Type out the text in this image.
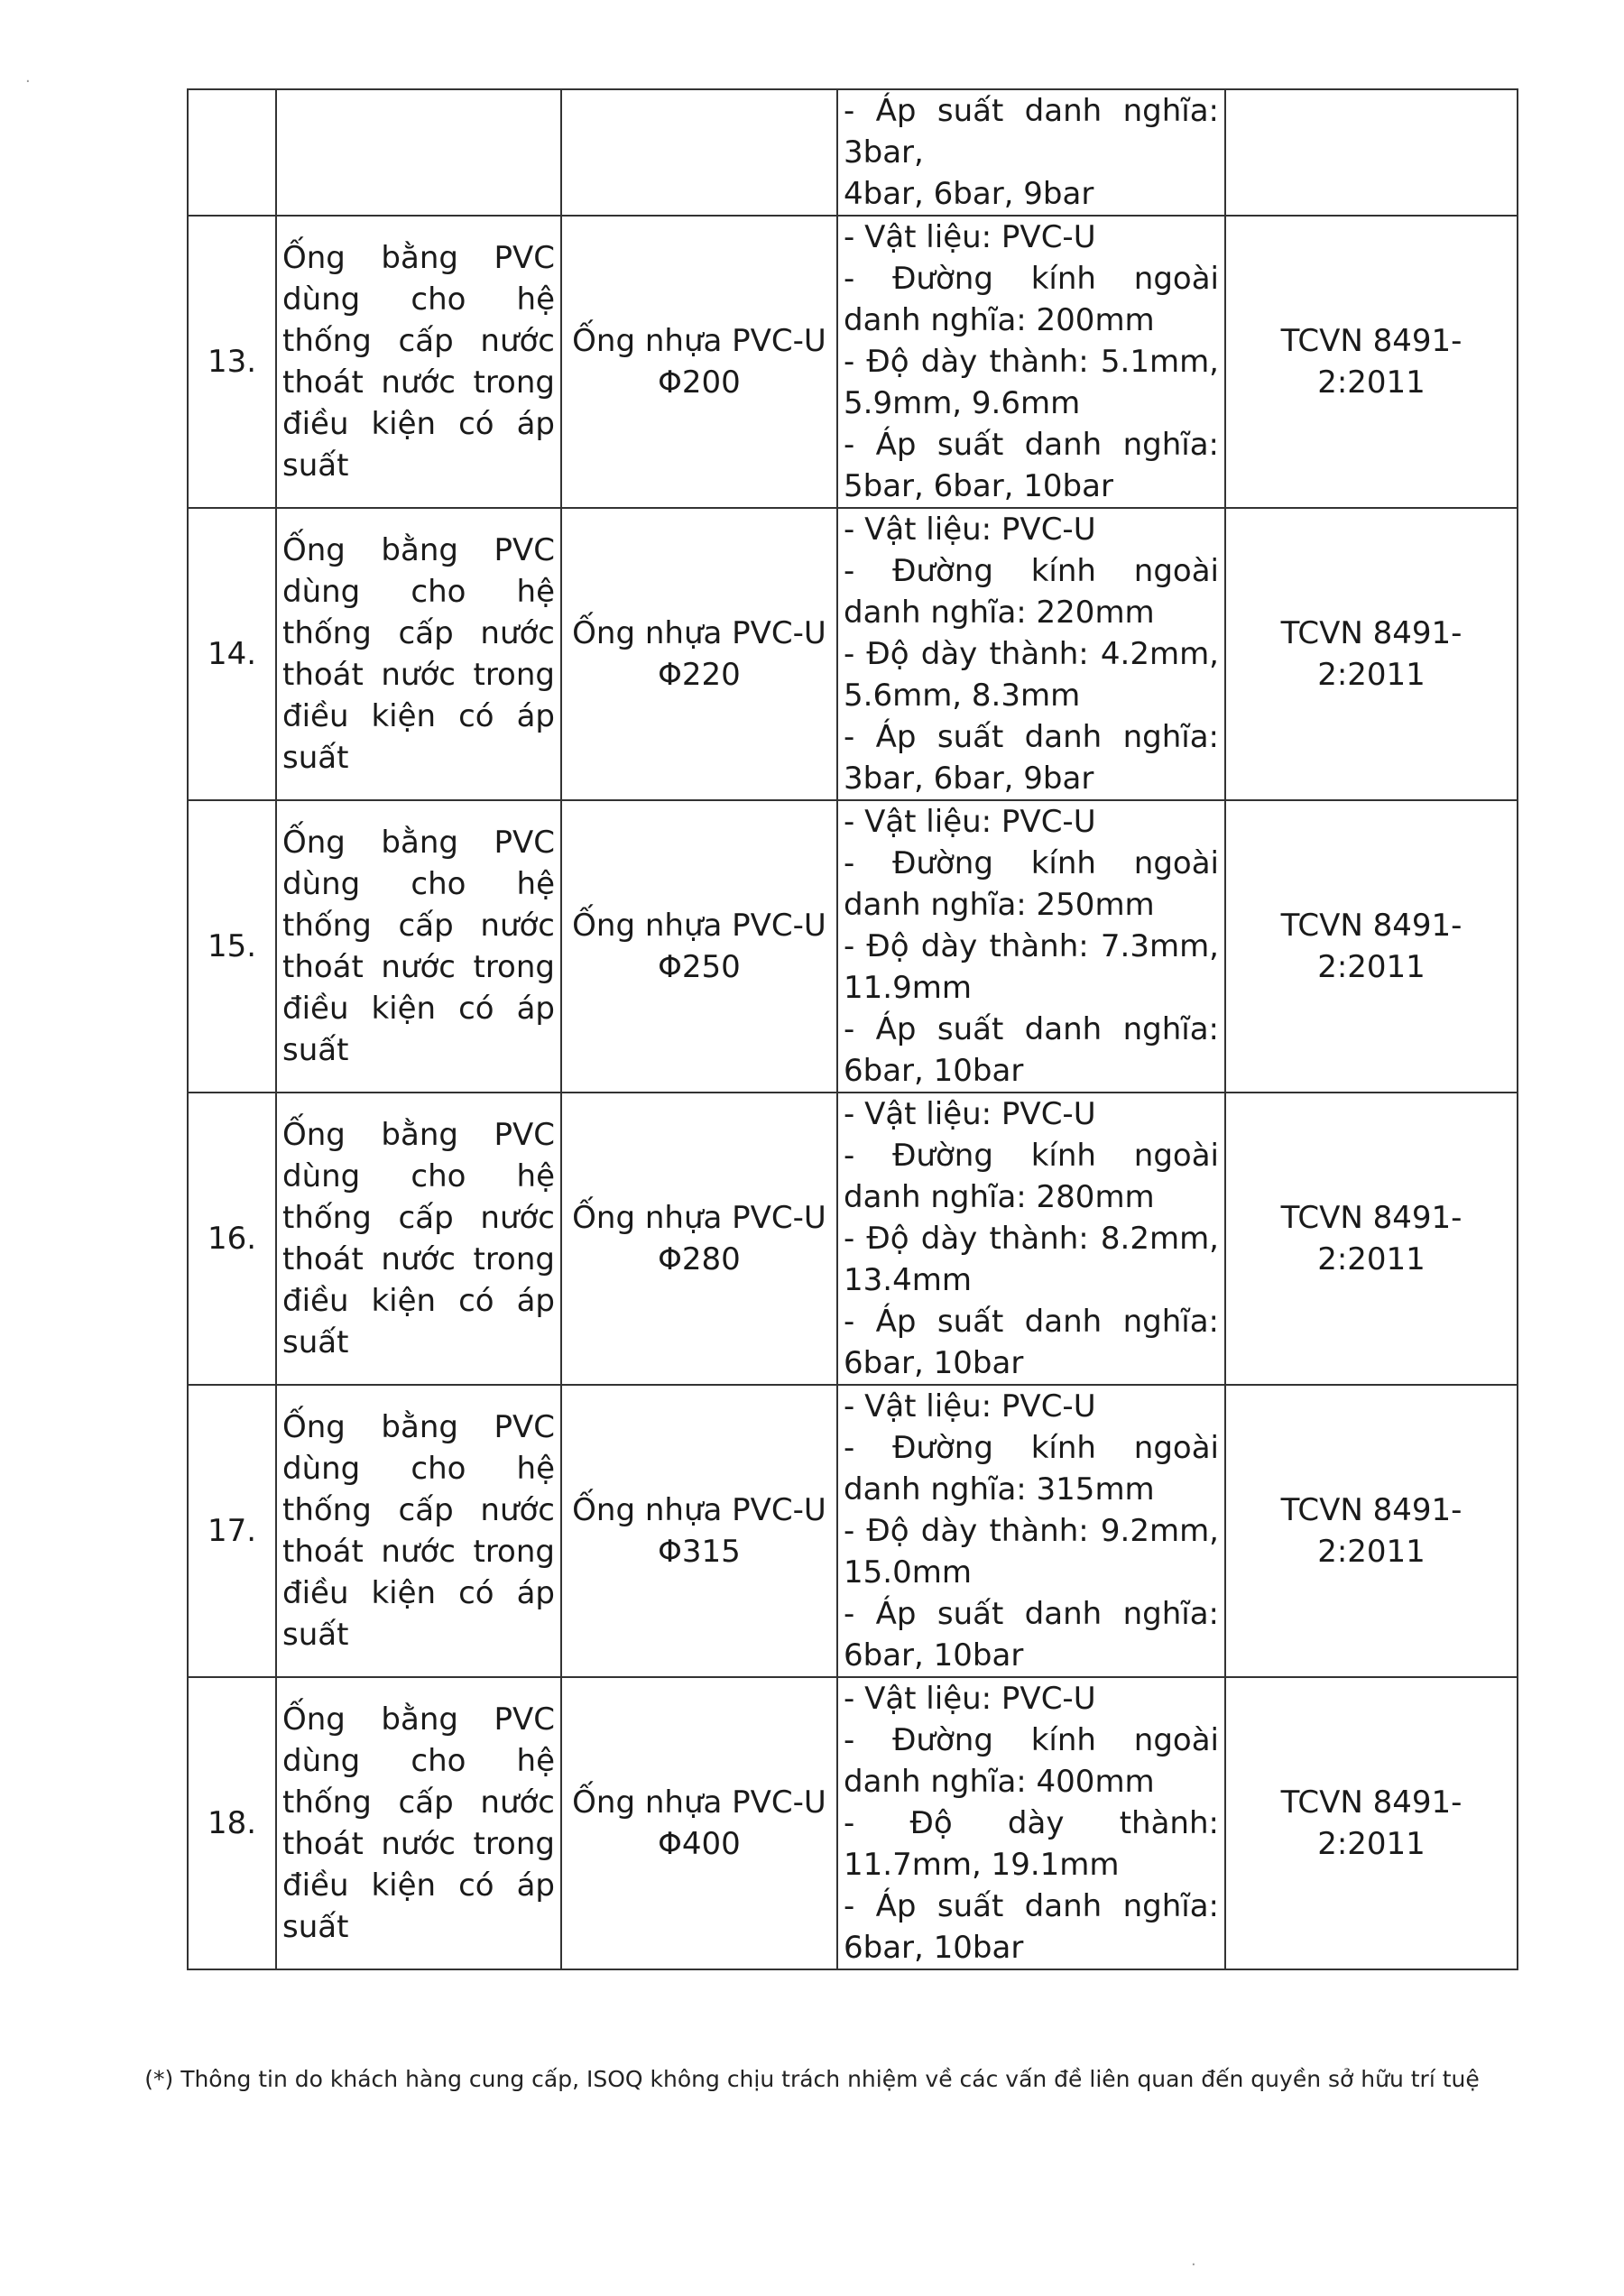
			- Áp suất danh nghĩa: 3bar,
4bar, 6bar, 9bar	

13.	Ống bằng PVC dùng cho hệ thống cấp nước thoát nước trong điều kiện có áp suất	Ống nhựa PVC-U
Φ200	- Vật liệu: PVC-U
- Đường kính ngoài danh nghĩa: 200mm
- Độ dày thành: 5.1mm, 5.9mm, 9.6mm
- Áp suất danh nghĩa: 5bar, 6bar, 10bar	TCVN 8491-2:2011
14.	Ống bằng PVC dùng cho hệ thống cấp nước thoát nước trong điều kiện có áp suất	Ống nhựa PVC-U
Φ220	- Vật liệu: PVC-U
- Đường kính ngoài danh nghĩa: 220mm
- Độ dày thành: 4.2mm, 5.6mm, 8.3mm
- Áp suất danh nghĩa: 3bar, 6bar, 9bar	TCVN 8491-2:2011
15.	Ống bằng PVC dùng cho hệ thống cấp nước thoát nước trong điều kiện có áp suất	Ống nhựa PVC-U
Φ250	- Vật liệu: PVC-U
- Đường kính ngoài danh nghĩa: 250mm
- Độ dày thành: 7.3mm, 11.9mm
- Áp suất danh nghĩa: 6bar, 10bar	TCVN 8491-2:2011
16.	Ống bằng PVC dùng cho hệ thống cấp nước thoát nước trong điều kiện có áp suất	Ống nhựa PVC-U
Φ280	- Vật liệu: PVC-U
- Đường kính ngoài danh nghĩa: 280mm
- Độ dày thành: 8.2mm, 13.4mm
- Áp suất danh nghĩa: 6bar, 10bar	TCVN 8491-2:2011
17.	Ống bằng PVC dùng cho hệ thống cấp nước thoát nước trong điều kiện có áp suất	Ống nhựa PVC-U
Φ315	- Vật liệu: PVC-U
- Đường kính ngoài danh nghĩa: 315mm
- Độ dày thành: 9.2mm, 15.0mm
- Áp suất danh nghĩa: 6bar, 10bar	TCVN 8491-2:2011
18.	Ống bằng PVC dùng cho hệ thống cấp nước thoát nước trong điều kiện có áp suất	Ống nhựa PVC-U
Φ400	- Vật liệu: PVC-U
- Đường kính ngoài danh nghĩa: 400mm
- Độ dày thành: 11.7mm, 19.1mm
- Áp suất danh nghĩa: 6bar, 10bar	TCVN 8491-2:2011
(*) Thông tin do khách hàng cung cấp, ISOQ không chịu trách nhiệm về các vấn đề liên quan đến quyền sở hữu trí tuệ
·
·
